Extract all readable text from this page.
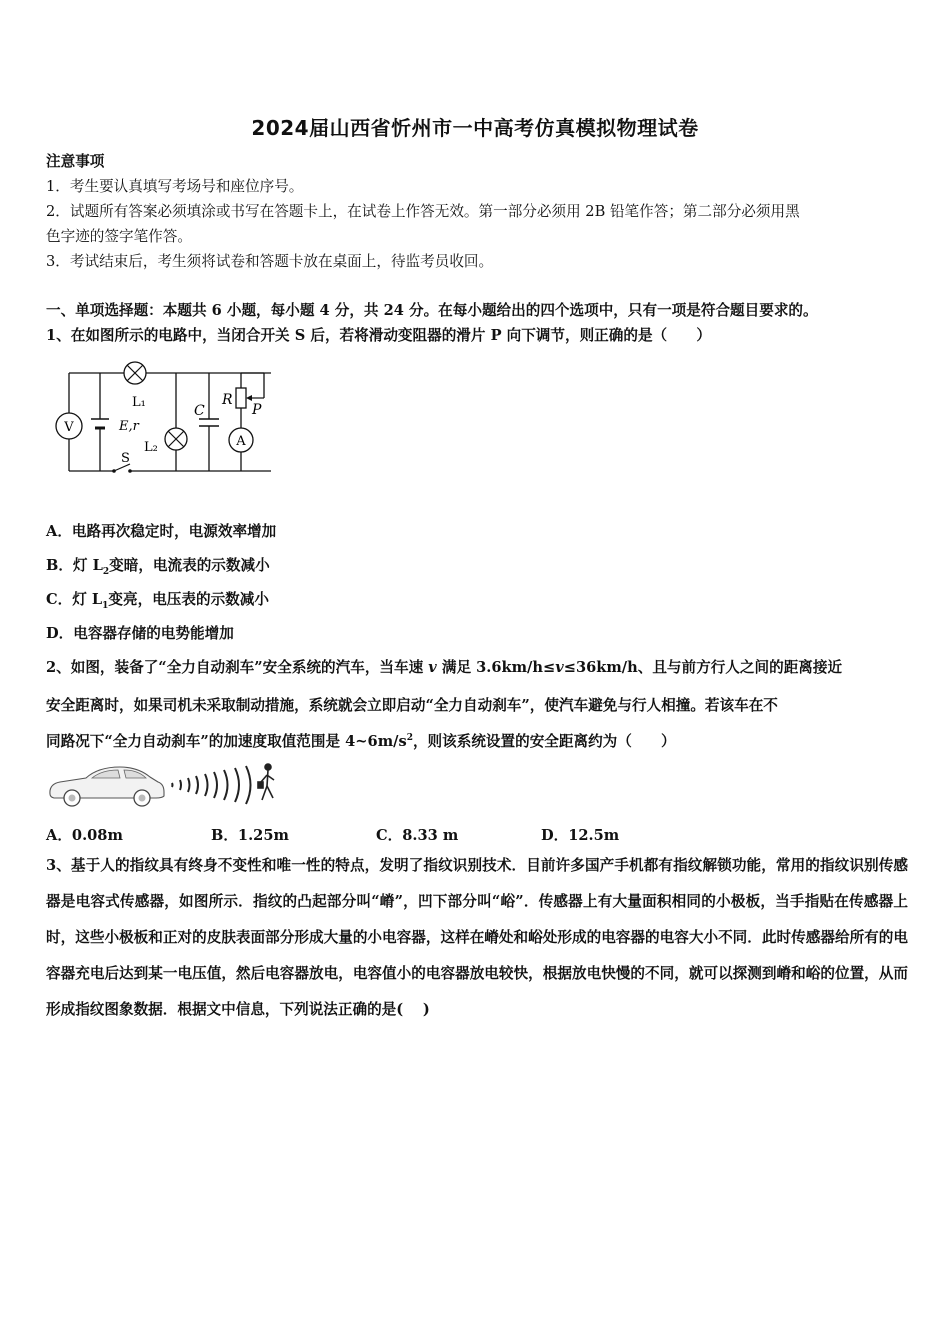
2024届山西省忻州市一中高考仿真模拟物理试卷
注意事项
1．考生要认真填写考场号和座位序号。
2．试题所有答案必须填涂或书写在答题卡上，在试卷上作答无效。第一部分必须用 2B 铅笔作答；第二部分必须用黑
色字迹的签字笔作答。
3．考试结束后，考生须将试卷和答题卡放在桌面上，待监考员收回。
一、单项选择题：本题共 6 小题，每小题 4 分，共 24 分。在每小题给出的四个选项中，只有一项是符合题目要求的。
1、在如图所示的电路中，当闭合开关 S 后，若将滑动变阻器的滑片 P 向下调节，则正确的是（　　）
V	E,r
L₁
L₂
C
R
P
A
S
A．电路再次稳定时，电源效率增加
B．灯 $L_2$变暗，电流表的示数减小
C．灯 $L_1$变亮，电压表的示数减小
D．电容器存储的电势能增加
2、如图，装备了“全力自动刹车”安全系统的汽车，当车速 v 满足 3.6km/h≤v≤36km/h、且与前方行人之间的距离接近
安全距离时，如果司机未采取制动措施，系统就会立即启动“全力自动刹车”，使汽车避免与行人相撞。若该车在不
同路况下“全力自动刹车”的加速度取值范围是 $4\sim 6m/s^2$，则该系统设置的安全距离约为（　　）
A．0.08m	B．1.25m	C．8.33 m	D．12.5m
3、基于人的指纹具有终身不变性和唯一性的特点，发明了指纹识别技术．目前许多国产手机都有指纹解锁功能，常用的指纹识别传感器是电容式传感器，如图所示．指纹的凸起部分叫“嵴”，凹下部分叫“峪”．传感器上有大量面积相同的小极板，当手指贴在传感器上时，这些小极板和正对的皮肤表面部分形成大量的小电容器，这样在嵴处和峪处形成的电容器的电容大小不同．此时传感器给所有的电容器充电后达到某一电压值，然后电容器放电，电容值小的电容器放电较快，根据放电快慢的不同，就可以探测到嵴和峪的位置，从而形成指纹图象数据．根据文中信息，下列说法正确的是(　 )
